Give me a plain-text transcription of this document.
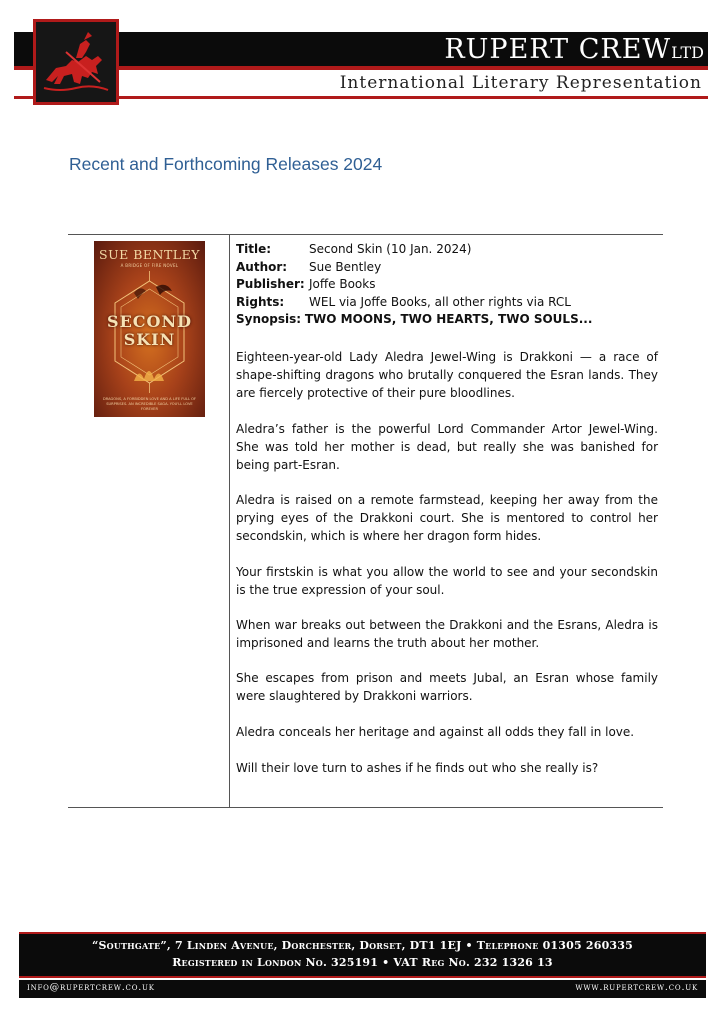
RUPERT CREWLTD
International Literary Representation
Recent and Forthcoming Releases 2024
SUE BENTLEY
A BRIDGE OF FIRE NOVEL
SECOND
SKIN
DRAGONS, A FORBIDDEN LOVE AND A LIFE FULL OF SURPRISES. AN INCREDIBLE SAGA. YOU'LL LOVE FOREVER
Title:	Second Skin (10 Jan. 2024)
Author:	Sue Bentley
Publisher: Joffe Books
Rights:	WEL via Joffe Books, all other rights via RCL
Synopsis: TWO MOONS, TWO HEARTS, TWO SOULS...

Eighteen-year-old Lady Aledra Jewel-Wing is Drakkoni — a race of shape-shifting dragons who brutally conquered the Esran lands. They are fiercely protective of their pure bloodlines.

Aledra’s father is the powerful Lord Commander Artor Jewel-Wing. She was told her mother is dead, but really she was banished for being part-Esran.

Aledra is raised on a remote farmstead, keeping her away from the prying eyes of the Drakkoni court. She is mentored to control her secondskin, which is where her dragon form hides.

Your firstskin is what you allow the world to see and your secondskin is the true expression of your soul.

When war breaks out between the Drakkoni and the Esrans, Aledra is imprisoned and learns the truth about her mother.

She escapes from prison and meets Jubal, an Esran whose family were slaughtered by Drakkoni warriors.

Aledra conceals her heritage and against all odds they fall in love.

Will their love turn to ashes if he finds out who she really is?

“Southgate”, 7 Linden Avenue, Dorchester, Dorset, DT1 1EJ • Telephone 01305 260335
Registered in London No. 325191 • VAT Reg No. 232 1326 13
info@rupertcrew.co.uk	www.rupertcrew.co.uk
